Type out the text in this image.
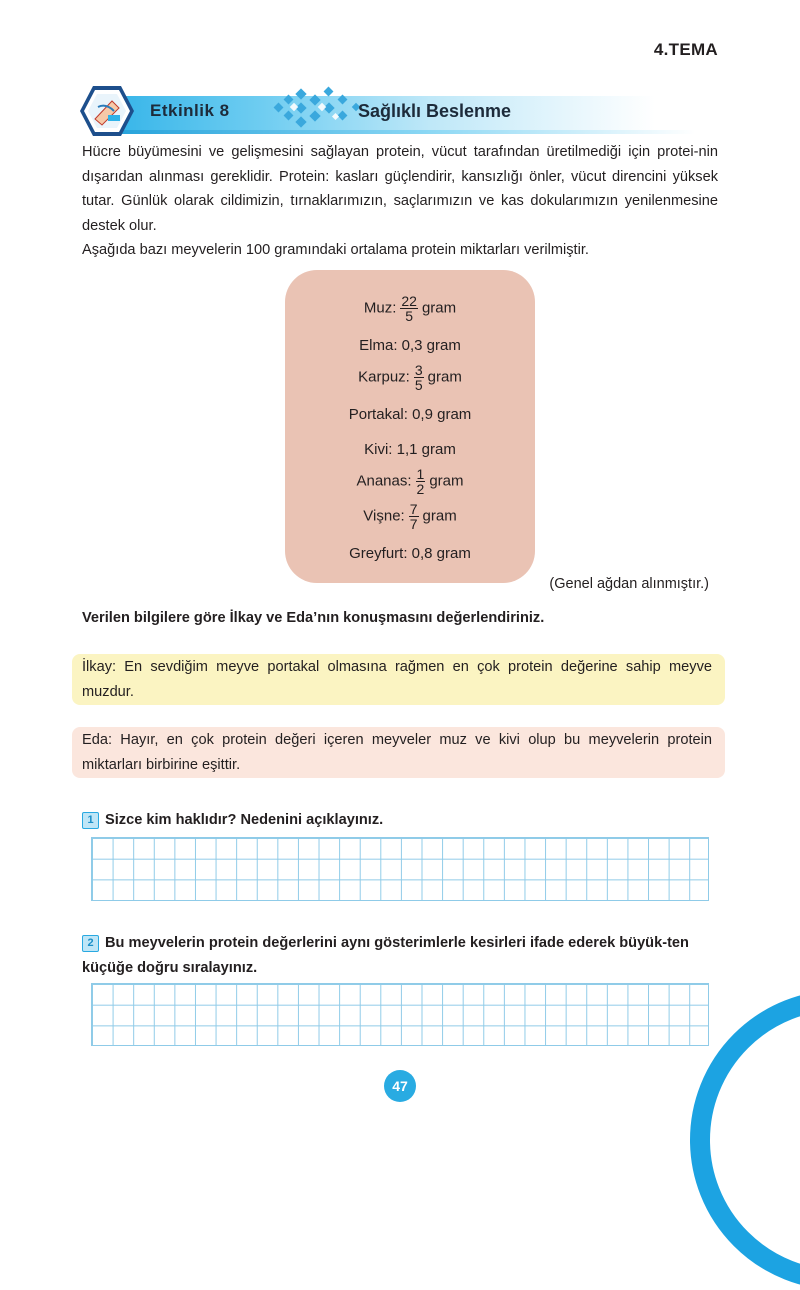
4.TEMA
Etkinlik 8	Sağlıklı Beslenme

Hücre büyümesini ve gelişmesini sağlayan protein, vücut tarafından üretilmediği için protei-nin dışarıdan alınması gereklidir. Protein: kasları güçlendirir, kansızlığı önler, vücut direncini yüksek tutar. Günlük olarak cildimizin, tırnaklarımızın, saçlarımızın ve kas dokularımızın yenilenmesine destek olur.

Aşağıda bazı meyvelerin 100 gramındaki ortalama protein miktarları verilmiştir.

Muz: $\frac{22}{5}$ gram
Elma: 0,3 gram
Karpuz: $\frac{3}{5}$ gram
Portakal: 0,9 gram
Kivi: 1,1 gram
Ananas: $\frac{1}{2}$ gram
Vişne: $\frac{7}{7}$ gram
Greyfurt: 0,8 gram
(Genel ağdan alınmıştır.)
Verilen bilgilere göre İlkay ve Eda’nın konuşmasını değerlendiriniz.
İlkay: En sevdiğim meyve portakal olmasına rağmen en çok protein değerine sahip meyve muzdur.
Eda: Hayır, en çok protein değeri içeren meyveler muz ve kivi olup bu meyvelerin protein miktarları birbirine eşittir.
1 Sizce kim haklıdır? Nedenini açıklayınız.
2 Bu meyvelerin protein değerlerini aynı gösterimlerle kesirleri ifade ederek büyük-ten küçüğe doğru sıralayınız.
47
